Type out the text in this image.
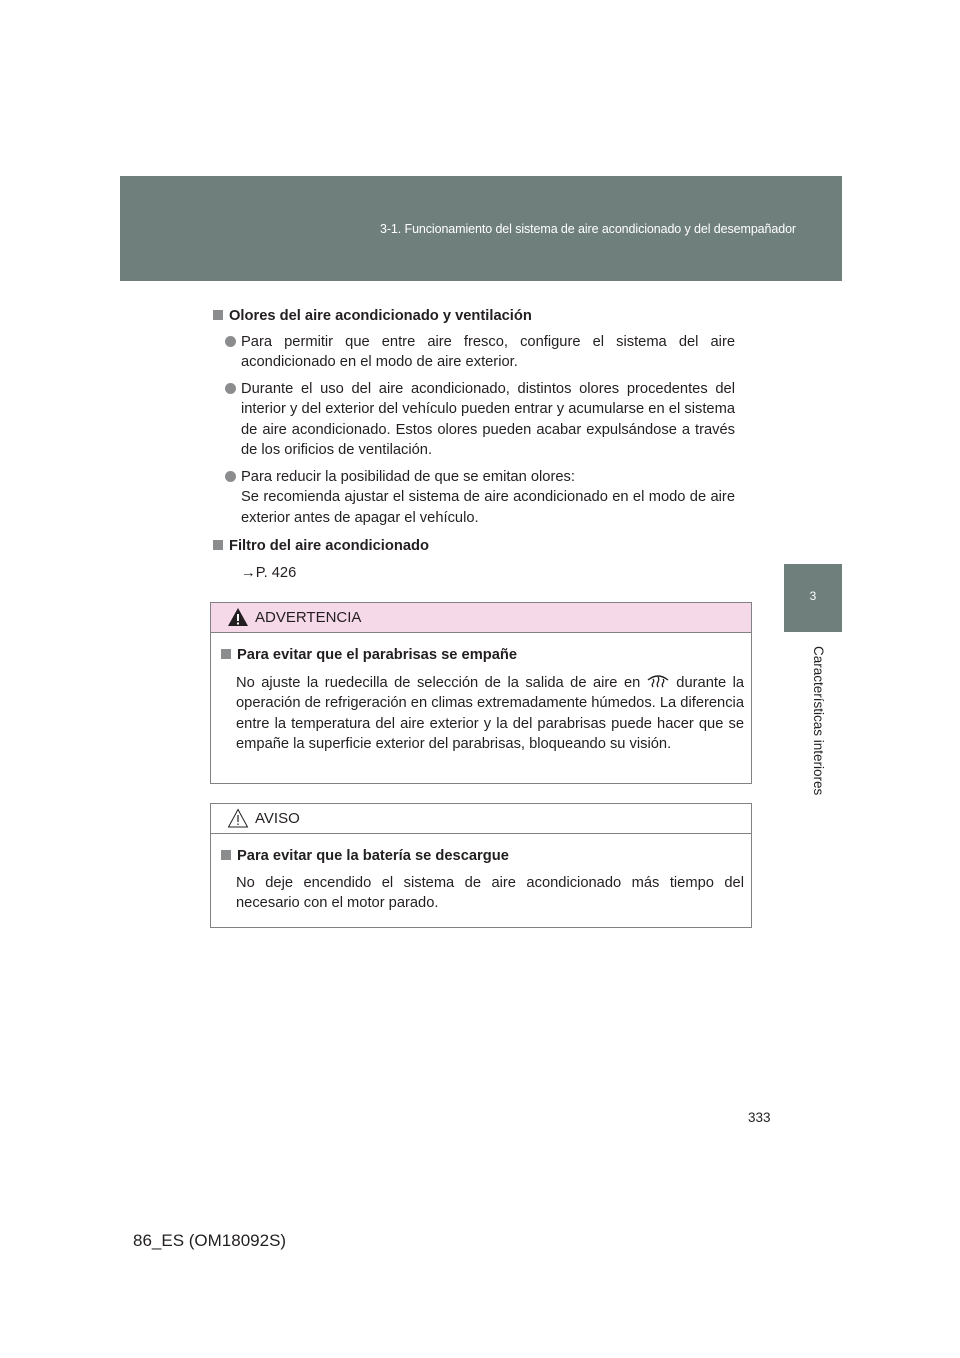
3-1. Funcionamiento del sistema de aire acondicionado y del desempañador
3
Características interiores
Olores del aire acondicionado y ventilación
Para permitir que entre aire fresco, configure el sistema del aire acondicionado en el modo de aire exterior.
Durante el uso del aire acondicionado, distintos olores procedentes del interior y del exterior del vehículo pueden entrar y acumularse en el sistema de aire acondicionado. Estos olores pueden acabar expulsándose a través de los orificios de ventilación.
Para reducir la posibilidad de que se emitan olores:
Se recomienda ajustar el sistema de aire acondicionado en el modo de aire exterior antes de apagar el vehículo.
Filtro del aire acondicionado
→P. 426
ADVERTENCIA
Para evitar que el parabrisas se empañe

No ajuste la ruedecilla de selección de la salida de aire en durante la operación de refrigeración en climas extremadamente húmedos. La diferencia entre la temperatura del aire exterior y la del parabrisas puede hacer que se empañe la superficie exterior del parabrisas, bloqueando su visión.

AVISO
Para evitar que la batería se descargue

No deje encendido el sistema de aire acondicionado más tiempo del necesario con el motor parado.

333
86_ES (OM18092S)
